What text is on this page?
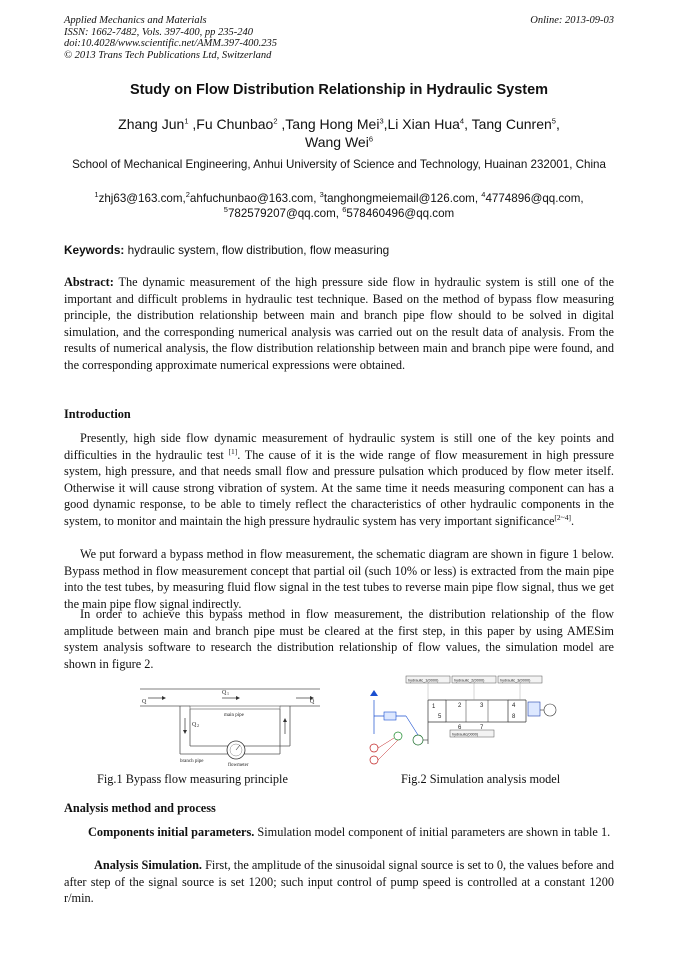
Applied Mechanics and Materials
ISSN: 1662-7482, Vols. 397-400, pp 235-240
doi:10.4028/www.scientific.net/AMM.397-400.235
© 2013 Trans Tech Publications Ltd, Switzerland
Online: 2013-09-03
Study on Flow Distribution Relationship in Hydraulic System
Zhang Jun$^1$ ,Fu Chunbao$^2$ ,Tang Hong Mei$^3$,Li Xian Hua$^4$, Tang Cunren$^5$,
Wang Wei$^6$
School of Mechanical Engineering, Anhui University of Science and Technology, Huainan 232001, China
$^1$zhj63@163.com,$^2$ahfuchunbao@163.com, $^3$tanghongmeiemail@126.com, $^4$4774896@qq.com,
$^5$782579207@qq.com, $^6$578460496@qq.com
Keywords: hydraulic system, flow distribution, flow measuring
Abstract: The dynamic measurement of the high pressure side flow in hydraulic system is still one of the important and difficult problems in hydraulic test technique. Based on the method of bypass flow measuring principle, the distribution relationship between main and branch pipe flow should to be solved in digital simulation, and the corresponding numerical analysis was carried out on the result data of analysis. From the results of numerical analysis, the flow distribution relationship between main and branch pipe were found, and the corresponding approximate numerical expressions were obtained.
Introduction
Presently, high side flow dynamic measurement of hydraulic system is still one of the key points and difficulties in the hydraulic test [1]. The cause of it is the wide range of flow measurement in high pressure system, high pressure, and that needs small flow and pressure pulsation which produced by flow meter itself. Otherwise it will cause strong vibration of system. At the same time it needs measuring component can has a good dynamic response, to be able to timely reflect the characteristics of other hydraulic components in the system, to monitor and maintain the high pressure hydraulic system has very important significance[2~4].
We put forward a bypass method in flow measurement, the schematic diagram are shown in figure 1 below. Bypass method in flow measurement concept that partial oil (such 10% or less) is extracted from the main pipe into the test tubes, by measuring fluid flow signal in the test tubes to reverse main pipe flow signal, thus we get the main pipe flow signal indirectly.
In order to achieve this bypass method in flow measurement, the distribution relationship of the flow amplitude between main and branch pipe must be cleared at the first step, in this paper by using AMESim system analysis software to research the distribution relationship of flow values, the simulation model are shown in figure 2.
Q	Q
Q 1
Q 2
main pipe
branch pipe
flowmeter
hydraulic_1(0000)	hydraulic_2(0000)	hydraulic_3(0000)
hydraulic(0000)
1	2	3	4
5
6	7
8
Fig.1 Bypass flow measuring principle	Fig.2 Simulation analysis model
Analysis method and process
Components initial parameters. Simulation model component of initial parameters are shown in table 1.
Analysis Simulation. First, the amplitude of the sinusoidal signal source is set to 0, the values before and after step of the signal source is set 1200; such input control of pump speed is controlled at a constant 1200 r/min.
